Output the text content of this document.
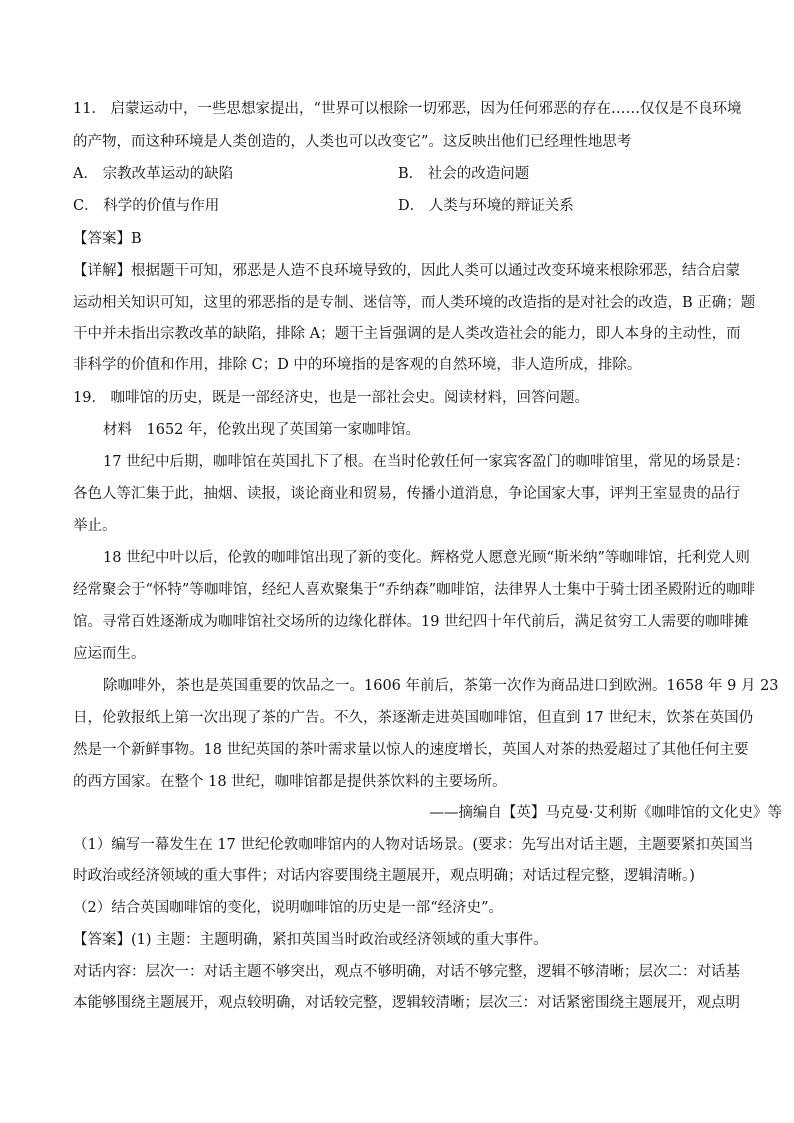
11． 启蒙运动中，一些思想家提出，“世界可以根除一切邪恶，因为任何邪恶的存在……仅仅是不良环境
的产物，而这种环境是人类创造的，人类也可以改变它”。这反映出他们已经理性地思考
A． 宗教改革运动的缺陷	B． 社会的改造问题
C． 科学的价值与作用	D． 人类与环境的辩证关系
【答案】B
【详解】根据题干可知，邪恶是人造不良环境导致的，因此人类可以通过改变环境来根除邪恶，结合启蒙
运动相关知识可知，这里的邪恶指的是专制、迷信等，而人类环境的改造指的是对社会的改造，B 正确；题
干中并未指出宗教改革的缺陷，排除 A；题干主旨强调的是人类改造社会的能力，即人本身的主动性，而
非科学的价值和作用，排除 C；D 中的环境指的是客观的自然环境，非人造所成，排除。
19． 咖啡馆的历史，既是一部经济史，也是一部社会史。阅读材料，回答问题。
材料　1652 年，伦敦出现了英国第一家咖啡馆。
17 世纪中后期，咖啡馆在英国扎下了根。在当时伦敦任何一家宾客盈门的咖啡馆里，常见的场景是：
各色人等汇集于此，抽烟、读报，谈论商业和贸易，传播小道消息，争论国家大事，评判王室显贵的品行
举止。
18 世纪中叶以后，伦敦的咖啡馆出现了新的变化。辉格党人愿意光顾“斯米纳”等咖啡馆，托利党人则
经常聚会于“怀特”等咖啡馆，经纪人喜欢聚集于“乔纳森”咖啡馆，法律界人士集中于骑士团圣殿附近的咖啡
馆。寻常百姓逐渐成为咖啡馆社交场所的边缘化群体。19 世纪四十年代前后，满足贫穷工人需要的咖啡摊
应运而生。
除咖啡外，茶也是英国重要的饮品之一。1606 年前后，茶第一次作为商品进口到欧洲。1658 年 9 月 23
日，伦敦报纸上第一次出现了茶的广告。不久，茶逐渐走进英国咖啡馆，但直到 17 世纪末，饮茶在英国仍
然是一个新鲜事物。18 世纪英国的茶叶需求量以惊人的速度增长，英国人对茶的热爱超过了其他任何主要
的西方国家。在整个 18 世纪，咖啡馆都是提供茶饮料的主要场所。
——摘编自【英】马克曼·艾利斯《咖啡馆的文化史》等
（1）编写一幕发生在 17 世纪伦敦咖啡馆内的人物对话场景。(要求：先写出对话主题，主题要紧扣英国当
时政治或经济领域的重大事件；对话内容要围绕主题展开，观点明确；对话过程完整，逻辑清晰。)
（2）结合英国咖啡馆的变化，说明咖啡馆的历史是一部“经济史”。
【答案】(1) 主题：主题明确，紧扣英国当时政治或经济领域的重大事件。
对话内容：层次一：对话主题不够突出，观点不够明确，对话不够完整，逻辑不够清晰；层次二：对话基
本能够围绕主题展开，观点较明确，对话较完整，逻辑较清晰；层次三：对话紧密围绕主题展开，观点明
